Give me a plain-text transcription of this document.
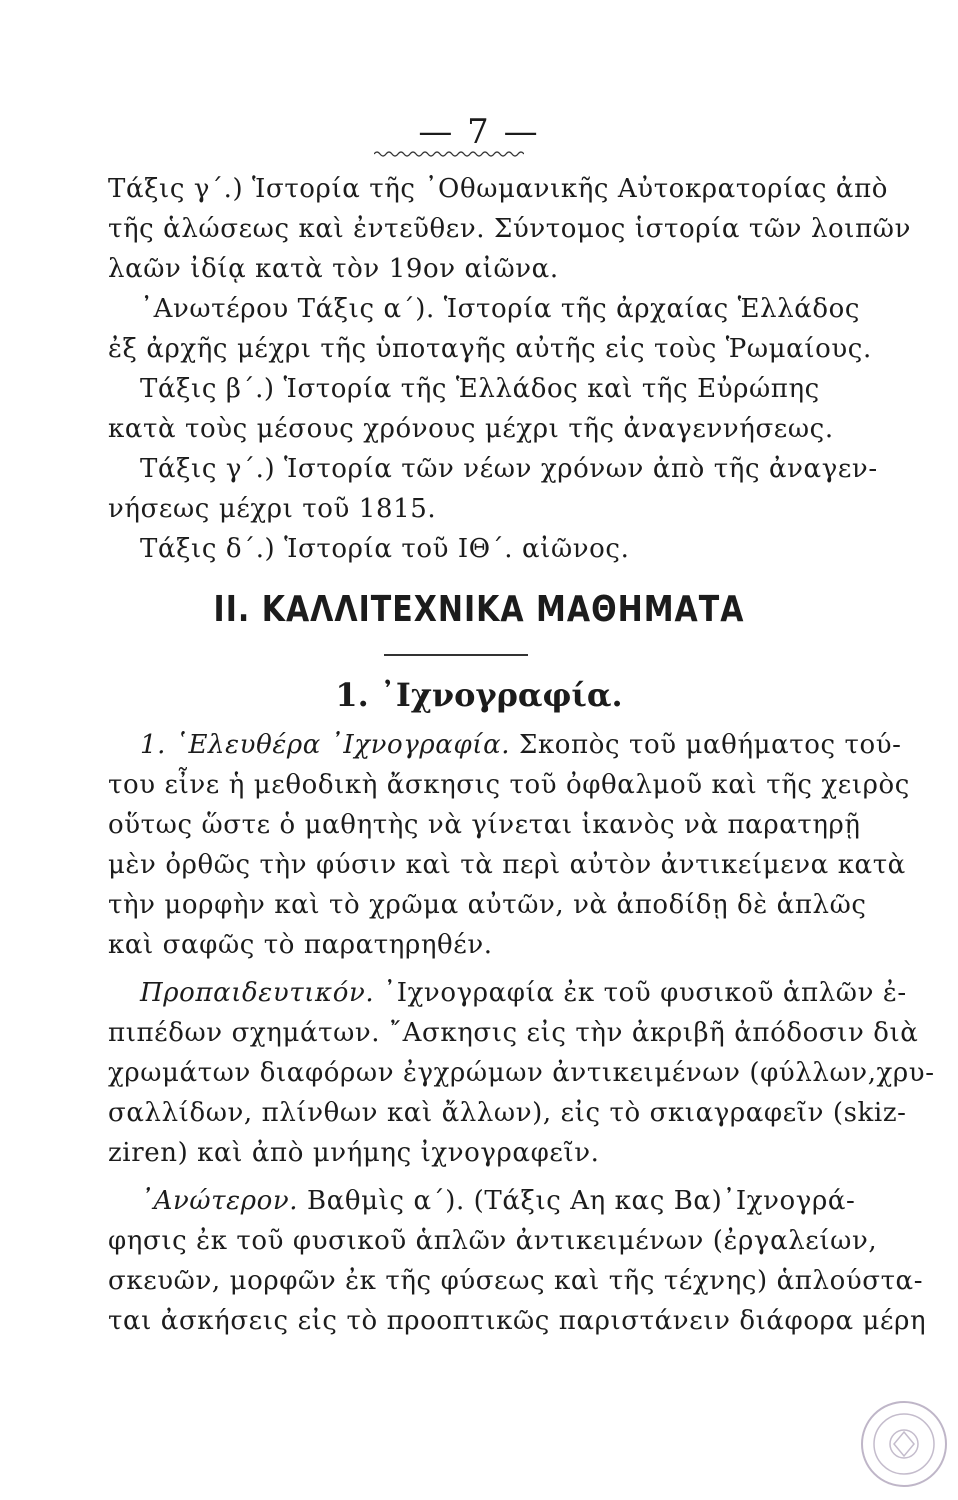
— 7 —
Τάξις γ΄.) Ἱστορία τῆς ᾿Οθωμανικῆς Αὐτοκρατορίας ἀπὸ
τῆς ἁλώσεως καὶ ἐντεῦθεν. Σύντομος ἱστορία τῶν λοιπῶν
λαῶν ἰδίᾳ κατὰ τὸν 19ον αἰῶνα.
᾿Ανωτέρου Τάξις α΄). Ἱστορία τῆς ἀρχαίας Ἑλλάδος
ἐξ ἀρχῆς μέχρι τῆς ὑποταγῆς αὐτῆς εἰς τοὺς Ῥωμαίους.
Τάξις β΄.) Ἱστορία τῆς Ἑλλάδος καὶ τῆς Εὐρώπης
κατὰ τοὺς μέσους χρόνους μέχρι τῆς ἀναγεννήσεως.
Τάξις γ΄.) Ἱστορία τῶν νέων χρόνων ἀπὸ τῆς ἀναγεν-
νήσεως μέχρι τοῦ 1815.
Τάξις δ΄.) Ἱστορία τοῦ ΙΘ΄. αἰῶνος.
II. ΚΑΛΛΙΤΕΧΝΙΚΑ ΜΑΘΗΜΑΤΑ
1. ᾿Ιχνογραφία.
1. ῾Ελευθέρα ᾿Ιχνογραφία. Σκοπὸς τοῦ μαθήματος τού-
του εἶνε ἡ μεθοδικὴ ἄσκησις τοῦ ὀφθαλμοῦ καὶ τῆς χειρὸς
οὕτως ὥστε ὁ μαθητὴς νὰ γίνεται ἱκανὸς νὰ παρατηρῇ
μὲν ὀρθῶς τὴν φύσιν καὶ τὰ περὶ αὐτὸν ἀντικείμενα κατὰ
τὴν μορφὴν καὶ τὸ χρῶμα αὐτῶν, νὰ ἀποδίδῃ δὲ ἁπλῶς
καὶ σαφῶς τὸ παρατηρηθέν.
Προπαιδευτικόν. ᾿Ιχνογραφία ἐκ τοῦ φυσικοῦ ἁπλῶν ἐ-
πιπέδων σχημάτων. ῎Ασκησις εἰς τὴν ἀκριβῆ ἀπόδοσιν διὰ
χρωμάτων διαφόρων ἐγχρώμων ἀντικειμένων (φύλλων,χρυ-
σαλλίδων, πλίνθων καὶ ἄλλων), εἰς τὸ σκιαγραφεῖν (skiz-
ziren) καὶ ἀπὸ μνήμης ἰχνογραφεῖν.
᾿Ανώτερον. Βαθμὶς α΄). (Τάξις Αη κας Βα)᾿Ιχνογρά-
φησις ἐκ τοῦ φυσικοῦ ἁπλῶν ἀντικειμένων (ἐργαλείων,
σκευῶν, μορφῶν ἐκ τῆς φύσεως καὶ τῆς τέχνης) ἁπλούστα-
ται ἀσκήσεις εἰς τὸ προοπτικῶς παριστάνειν διάφορα μέρη
